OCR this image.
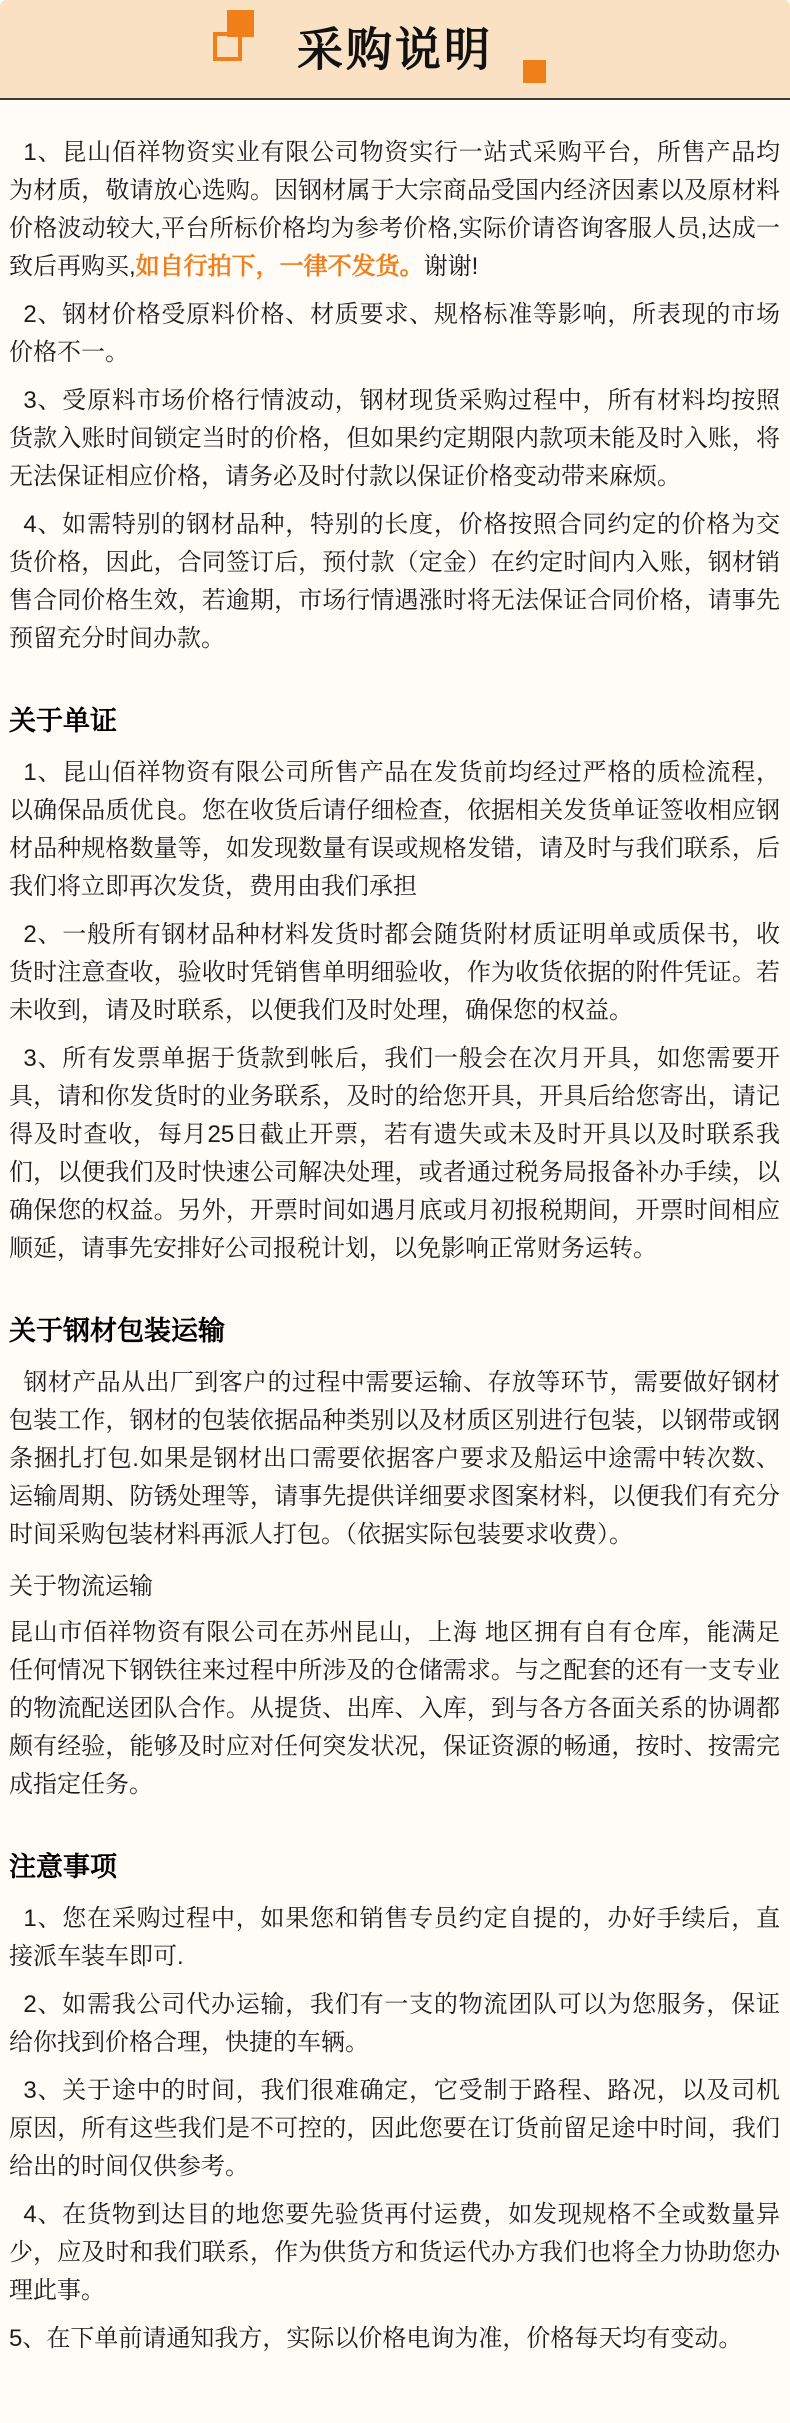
采购说明

1、昆山佰祥物资实业有限公司物资实行一站式采购平台，所售产品均为材质，敬请放心选购。因钢材属于大宗商品受国内经济因素以及原材料价格波动较大,平台所标价格均为参考价格,实际价请咨询客服人员,达成一致后再购买,如自行拍下，一律不发货。谢谢!

2、钢材价格受原料价格、材质要求、规格标准等影响，所表现的市场价格不一。

3、受原料市场价格行情波动，钢材现货采购过程中，所有材料均按照货款入账时间锁定当时的价格，但如果约定期限内款项未能及时入账，将无法保证相应价格，请务必及时付款以保证价格变动带来麻烦。

4、如需特别的钢材品种，特别的长度，价格按照合同约定的价格为交货价格，因此，合同签订后，预付款（定金）在约定时间内入账，钢材销售合同价格生效，若逾期，市场行情遇涨时将无法保证合同价格，请事先预留充分时间办款。

关于单证

1、昆山佰祥物资有限公司所售产品在发货前均经过严格的质检流程，以确保品质优良。您在收货后请仔细检查，依据相关发货单证签收相应钢材品种规格数量等，如发现数量有误或规格发错，请及时与我们联系，后我们将立即再次发货，费用由我们承担

2、一般所有钢材品种材料发货时都会随货附材质证明单或质保书，收货时注意查收，验收时凭销售单明细验收，作为收货依据的附件凭证。若未收到，请及时联系，以便我们及时处理，确保您的权益。

3、所有发票单据于货款到帐后，我们一般会在次月开具，如您需要开具，请和你发货时的业务联系，及时的给您开具，开具后给您寄出，请记得及时查收，每月25日截止开票，若有遗失或未及时开具以及时联系我们，以便我们及时快速公司解决处理，或者通过税务局报备补办手续，以确保您的权益。另外，开票时间如遇月底或月初报税期间，开票时间相应顺延，请事先安排好公司报税计划，以免影响正常财务运转。

关于钢材包装运输

钢材产品从出厂到客户的过程中需要运输、存放等环节，需要做好钢材包装工作，钢材的包装依据品种类别以及材质区别进行包装，以钢带或钢条捆扎打包.如果是钢材出口需要依据客户要求及船运中途需中转次数、运输周期、防锈处理等，请事先提供详细要求图案材料，以便我们有充分时间采购包装材料再派人打包。（依据实际包装要求收费）。

关于物流运输

昆山市佰祥物资有限公司在苏州昆山，上海 地区拥有自有仓库，能满足任何情况下钢铁往来过程中所涉及的仓储需求。与之配套的还有一支专业的物流配送团队合作。从提货、出库、入库，到与各方各面关系的协调都颇有经验，能够及时应对任何突发状况，保证资源的畅通，按时、按需完成指定任务。

注意事项

1、您在采购过程中，如果您和销售专员约定自提的，办好手续后，直接派车装车即可.

2、如需我公司代办运输，我们有一支的物流团队可以为您服务，保证给你找到价格合理，快捷的车辆。

3、关于途中的时间，我们很难确定，它受制于路程、路况，以及司机原因，所有这些我们是不可控的，因此您要在订货前留足途中时间，我们给出的时间仅供参考。

4、在货物到达目的地您要先验货再付运费，如发现规格不全或数量异少，应及时和我们联系，作为供货方和货运代办方我们也将全力协助您办理此事。

5、在下单前请通知我方，实际以价格电询为准，价格每天均有变动。
